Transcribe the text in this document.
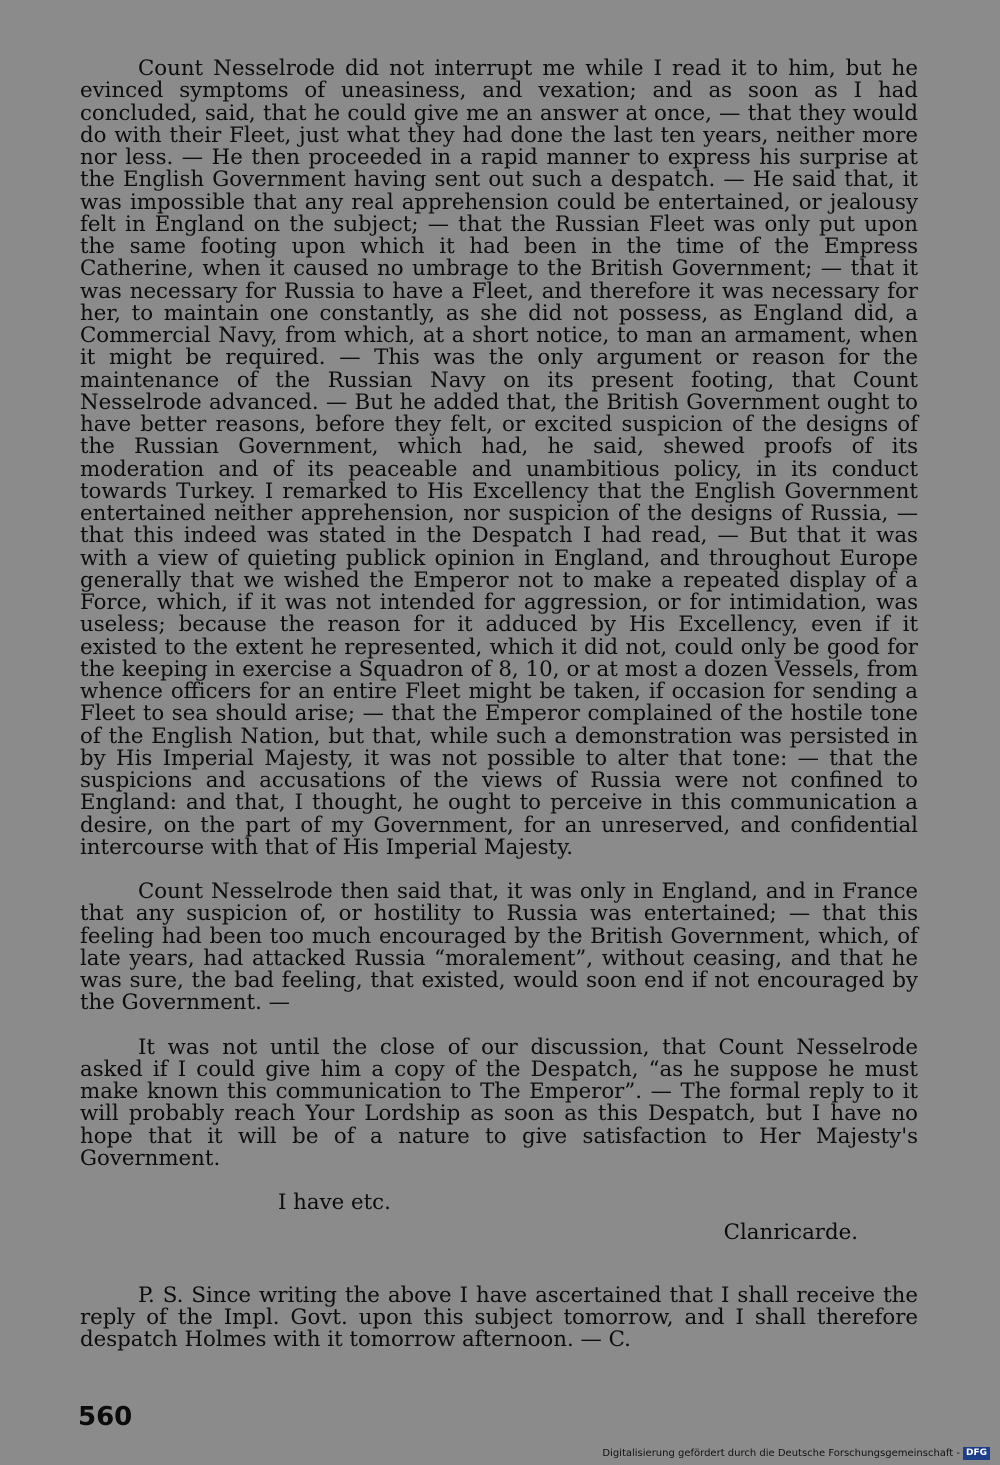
Count Nesselrode did not interrupt me while I read it to him, but he evinced symptoms of uneasiness, and vexation; and as soon as I had concluded, said, that he could give me an answer at once, — that they would do with their Fleet, just what they had done the last ten years, neither more nor less. — He then proceeded in a rapid manner to express his surprise at the English Government having sent out such a despatch. — He said that, it was impossible that any real apprehension could be entertained, or jealousy felt in England on the subject; — that the Russian Fleet was only put upon the same footing upon which it had been in the time of the Empress Catherine, when it caused no umbrage to the British Government; — that it was necessary for Russia to have a Fleet, and therefore it was necessary for her, to maintain one constantly, as she did not possess, as England did, a Commercial Navy, from which, at a short notice, to man an armament, when it might be required. — This was the only argument or reason for the maintenance of the Russian Navy on its present footing, that Count Nesselrode advanced. — But he added that, the British Government ought to have better reasons, before they felt, or excited suspicion of the designs of the Russian Government, which had, he said, shewed proofs of its moderation and of its peaceable and unambitious policy, in its conduct towards Turkey. I remarked to His Excellency that the English Government entertained neither apprehension, nor suspicion of the designs of Russia, — that this indeed was stated in the Despatch I had read, — But that it was with a view of quieting publick opinion in England, and throughout Europe generally that we wished the Emperor not to make a repeated display of a Force, which, if it was not intended for aggression, or for intimidation, was useless; because the reason for it adduced by His Excellency, even if it existed to the extent he represented, which it did not, could only be good for the keeping in exercise a Squadron of 8, 10, or at most a dozen Vessels, from whence officers for an entire Fleet might be taken, if occasion for sending a Fleet to sea should arise; — that the Emperor complained of the hostile tone of the English Nation, but that, while such a demonstration was persisted in by His Imperial Majesty, it was not possible to alter that tone: — that the suspicions and accusations of the views of Russia were not confined to England: and that, I thought, he ought to perceive in this communication a desire, on the part of my Government, for an unreserved, and confidential intercourse with that of His Imperial Majesty.

Count Nesselrode then said that, it was only in England, and in France that any suspicion of, or hostility to Russia was entertained; — that this feeling had been too much encouraged by the British Government, which, of late years, had attacked Russia “moralement”, without ceasing, and that he was sure, the bad feeling, that existed, would soon end if not encouraged by the Government. —

It was not until the close of our discussion, that Count Nesselrode asked if I could give him a copy of the Despatch, “as he suppose he must make known this communication to The Emperor”. — The formal reply to it will probably reach Your Lordship as soon as this Despatch, but I have no hope that it will be of a nature to give satisfaction to Her Majesty's Government.

I have etc.

Clanricarde.

P. S. Since writing the above I have ascertained that I shall receive the reply of the Impl. Govt. upon this subject tomorrow, and I shall therefore despatch Holmes with it tomorrow afternoon. — C.

560
Digitalisierung gefördert durch die Deutsche Forschungsgemeinschaft - DFG
